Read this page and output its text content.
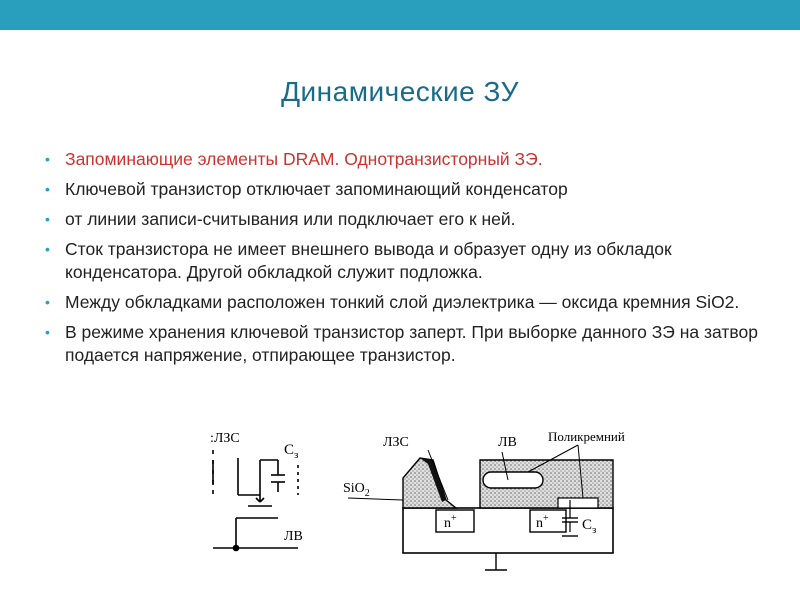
Динамические ЗУ
• Запоминающие элементы DRAM. Однотранзисторный ЗЭ.
• Ключевой транзистор отключает запоминающий конденсатор
• от линии записи-считывания или подключает его к ней.
• Сток транзистора не имеет внешнего вывода и образует одну из обкладок конденсатора. Другой обкладкой служит подложка.
• Между обкладками расположен тонкий слой диэлектрика — оксида кремния SiO2.
• В режиме хранения ключевой транзистор заперт. При выборке данного ЗЭ на затвор подается напряжение, отпирающее транзистор.
:ЛЗС
$С_з$
ЛВ
ЛЗС	ЛВ Поликремний
SiO$_2$
n+	n+ $С_з$
